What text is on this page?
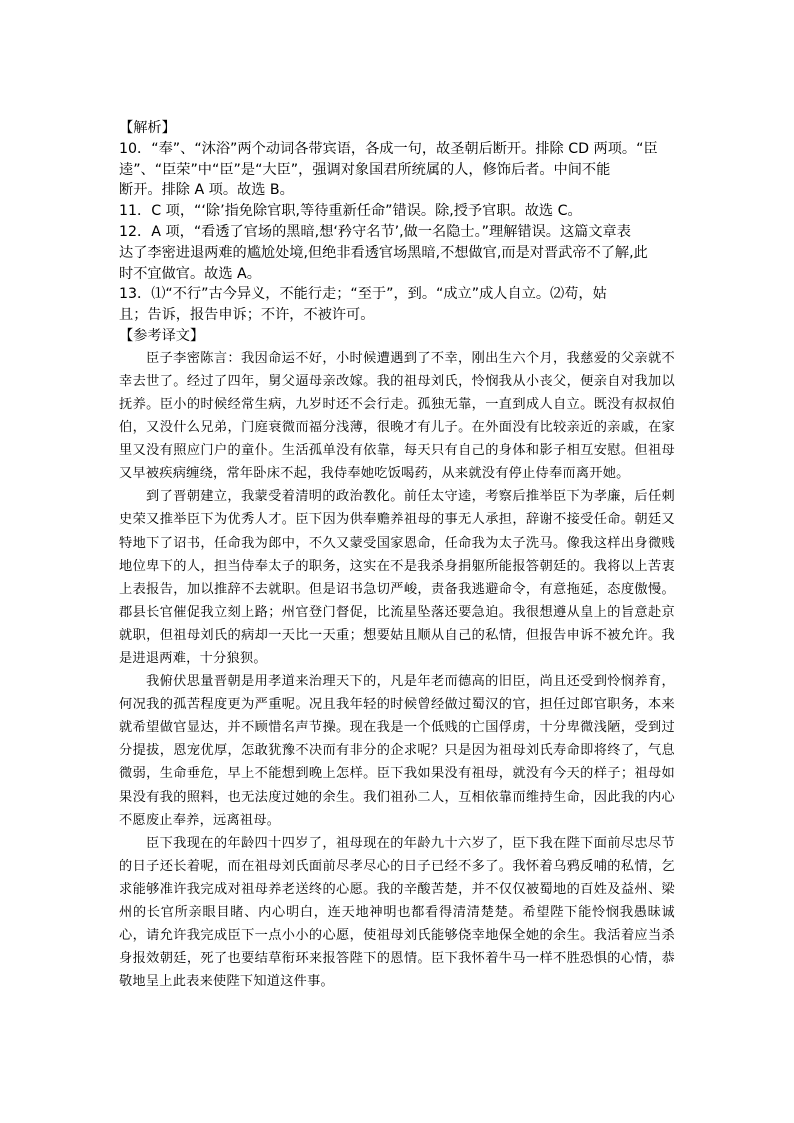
【解析】
10．“奉”、“沐浴”两个动词各带宾语，各成一句，故圣朝后断开。排除 CD 两项。“臣
逵”、“臣荣”中“臣”是“大臣”，强调对象国君所统属的人，修饰后者。中间不能
断开。排除 A 项。故选 B。
11．C 项，“‘除’指免除官职,等待重新任命”错误。除,授予官职。故选 C。
12．A 项，“看透了官场的黑暗,想‘矜守名节’,做一名隐士。”理解错误。这篇文章表
达了李密进退两难的尴尬处境,但绝非看透官场黑暗,不想做官,而是对晋武帝不了解,此
时不宜做官。故选 A。
13．⑴“不行”古今异义，不能行走；“至于”，到。“成立”成人自立。⑵苟，姑
且；告诉，报告申诉；不许，不被许可。
【参考译文】

臣子李密陈言：我因命运不好，小时候遭遇到了不幸，刚出生六个月，我慈爱的父亲就不幸去世了。经过了四年，舅父逼母亲改嫁。我的祖母刘氏，怜悯我从小丧父，便亲自对我加以抚养。臣小的时候经常生病，九岁时还不会行走。孤独无靠，一直到成人自立。既没有叔叔伯伯，又没什么兄弟，门庭衰微而福分浅薄，很晚才有儿子。在外面没有比较亲近的亲戚，在家里又没有照应门户的童仆。生活孤单没有依靠，每天只有自己的身体和影子相互安慰。但祖母又早被疾病缠绕，常年卧床不起，我侍奉她吃饭喝药，从来就没有停止侍奉而离开她。

到了晋朝建立，我蒙受着清明的政治教化。前任太守逵，考察后推举臣下为孝廉，后任刺史荣又推举臣下为优秀人才。臣下因为供奉赡养祖母的事无人承担，辞谢不接受任命。朝廷又特地下了诏书，任命我为郎中，不久又蒙受国家恩命，任命我为太子洗马。像我这样出身微贱地位卑下的人，担当侍奉太子的职务，这实在不是我杀身捐躯所能报答朝廷的。我将以上苦衷上表报告，加以推辞不去就职。但是诏书急切严峻，责备我逃避命令，有意拖延，态度傲慢。郡县长官催促我立刻上路；州官登门督促，比流星坠落还要急迫。我很想遵从皇上的旨意赴京就职，但祖母刘氏的病却一天比一天重；想要姑且顺从自己的私情，但报告申诉不被允许。我是进退两难，十分狼狈。

我俯伏思量晋朝是用孝道来治理天下的，凡是年老而德高的旧臣，尚且还受到怜悯养育，何况我的孤苦程度更为严重呢。况且我年轻的时候曾经做过蜀汉的官，担任过郎官职务，本来就希望做官显达，并不顾惜名声节操。现在我是一个低贱的亡国俘虏，十分卑微浅陋，受到过分提拔，恩宠优厚，怎敢犹豫不决而有非分的企求呢？只是因为祖母刘氏寿命即将终了，气息微弱，生命垂危，早上不能想到晚上怎样。臣下我如果没有祖母，就没有今天的样子；祖母如果没有我的照料，也无法度过她的余生。我们祖孙二人，互相依靠而维持生命，因此我的内心不愿废止奉养，远离祖母。

臣下我现在的年龄四十四岁了，祖母现在的年龄九十六岁了，臣下我在陛下面前尽忠尽节的日子还长着呢，而在祖母刘氏面前尽孝尽心的日子已经不多了。我怀着乌鸦反哺的私情，乞求能够准许我完成对祖母养老送终的心愿。我的辛酸苦楚，并不仅仅被蜀地的百姓及益州、梁州的长官所亲眼目睹、内心明白，连天地神明也都看得清清楚楚。希望陛下能怜悯我愚昧诚心，请允许我完成臣下一点小小的心愿，使祖母刘氏能够侥幸地保全她的余生。我活着应当杀身报效朝廷，死了也要结草衔环来报答陛下的恩情。臣下我怀着牛马一样不胜恐惧的心情，恭敬地呈上此表来使陛下知道这件事。
